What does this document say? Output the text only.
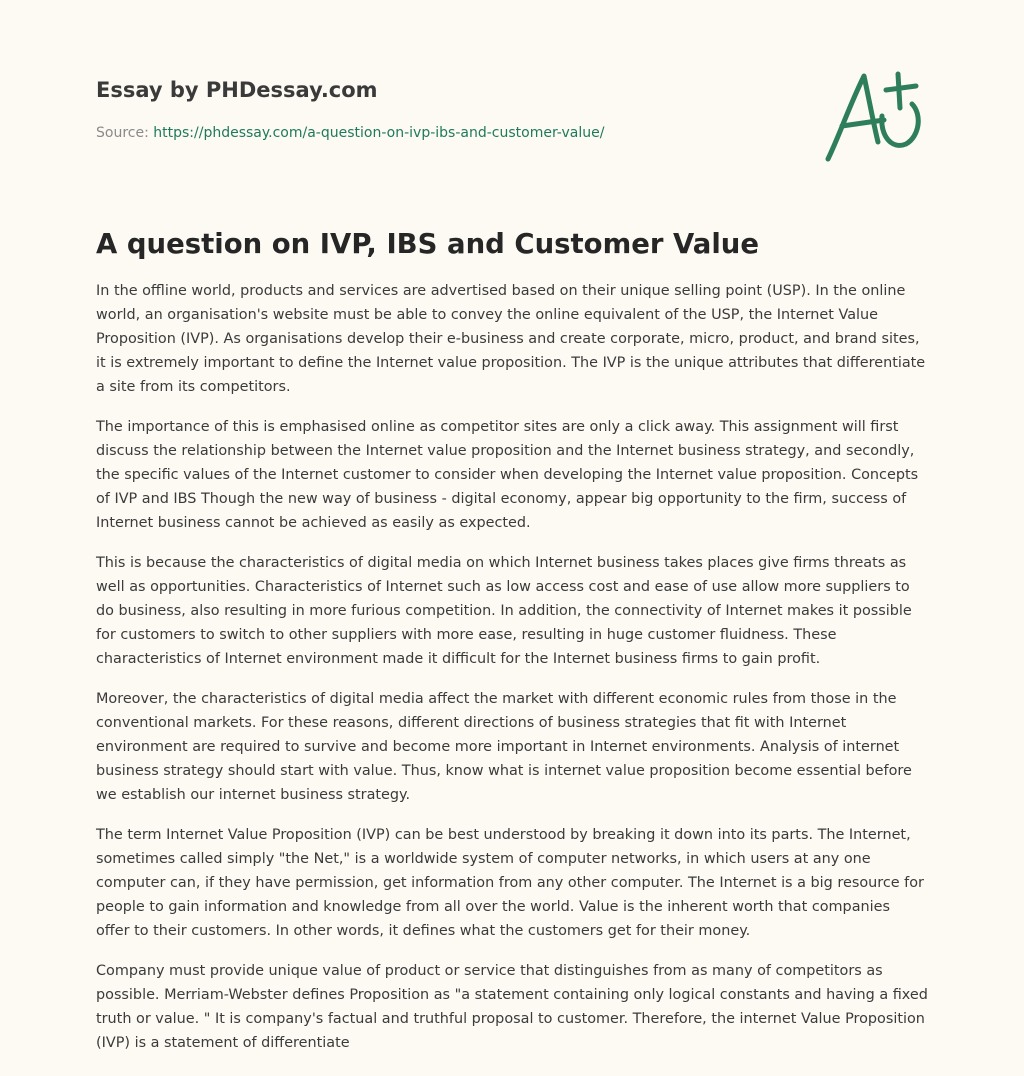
Essay by PHDessay.com
Source: https://phdessay.com/a-question-on-ivp-ibs-and-customer-value/
A question on IVP, IBS and Customer Value

In the offline world, products and services are advertised based on their unique selling point (USP). In the online world, an organisation's website must be able to convey the online equivalent of the USP, the Internet Value Proposition (IVP). As organisations develop their e-business and create corporate, micro, product, and brand sites, it is extremely important to define the Internet value proposition. The IVP is the unique attributes that differentiate a site from its competitors.

The importance of this is emphasised online as competitor sites are only a click away. This assignment will first discuss the relationship between the Internet value proposition and the Internet business strategy, and secondly, the specific values of the Internet customer to consider when developing the Internet value proposition. Concepts of IVP and IBS Though the new way of business - digital economy, appear big opportunity to the firm, success of Internet business cannot be achieved as easily as expected.

This is because the characteristics of digital media on which Internet business takes places give firms threats as well as opportunities. Characteristics of Internet such as low access cost and ease of use allow more suppliers to do business, also resulting in more furious competition. In addition, the connectivity of Internet makes it possible for customers to switch to other suppliers with more ease, resulting in huge customer fluidness. These characteristics of Internet environment made it difficult for the Internet business firms to gain profit.

Moreover, the characteristics of digital media affect the market with different economic rules from those in the conventional markets. For these reasons, different directions of business strategies that fit with Internet environment are required to survive and become more important in Internet environments. Analysis of internet business strategy should start with value. Thus, know what is internet value proposition become essential before we establish our internet business strategy.

The term Internet Value Proposition (IVP) can be best understood by breaking it down into its parts. The Internet, sometimes called simply "the Net," is a worldwide system of computer networks, in which users at any one computer can, if they have permission, get information from any other computer. The Internet is a big resource for people to gain information and knowledge from all over the world. Value is the inherent worth that companies offer to their customers. In other words, it defines what the customers get for their money.

Company must provide unique value of product or service that distinguishes from as many of competitors as possible. Merriam-Webster defines Proposition as "a statement containing only logical constants and having a fixed truth or value. " It is company's factual and truthful proposal to customer. Therefore, the internet Value Proposition (IVP) is a statement of differentiate
